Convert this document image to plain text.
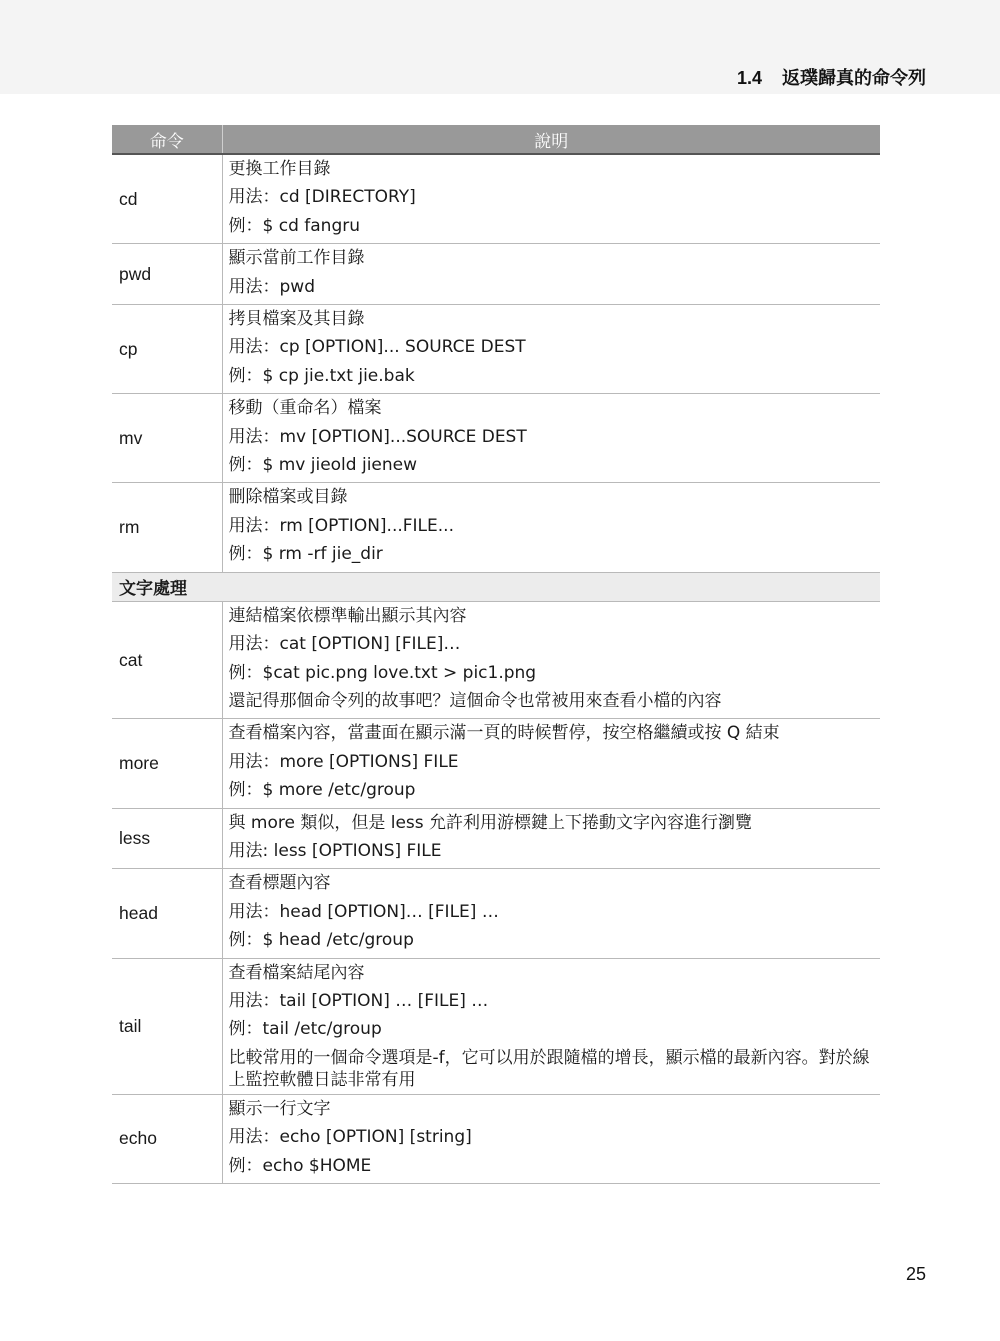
1.4 返璞歸真的命令列
命令	說明
cd	更換工作目錄
用法：cd [DIRECTORY]
例：$ cd fangru

pwd	顯示當前工作目錄
用法：pwd

cp	拷貝檔案及其目錄
用法：cp [OPTION]... SOURCE DEST
例：$ cp jie.txt jie.bak

mv	移動（重命名）檔案
用法：mv [OPTION]...SOURCE DEST
例：$ mv jieold jienew

rm	刪除檔案或目錄
用法：rm [OPTION]...FILE...
例：$ rm -rf jie_dir

文字處理	
cat	連結檔案依標準輸出顯示其內容
用法：cat [OPTION] [FILE]…
例：$cat pic.png love.txt > pic1.png
還記得那個命令列的故事吧？這個命令也常被用來查看小檔的內容

more	查看檔案內容，當畫面在顯示滿一頁的時候暫停，按空格繼續或按 Q 結束
用法：more [OPTIONS] FILE
例：$ more /etc/group

less	與 more 類似，但是 less 允許利用游標鍵上下捲動文字內容進行瀏覽
用法: less [OPTIONS] FILE

head	查看標題內容
用法：head [OPTION]… [FILE] …
例：$ head /etc/group

tail	查看檔案結尾內容
用法：tail [OPTION] … [FILE] …
例：tail /etc/group
比較常用的一個命令選項是-f，它可以用於跟隨檔的增長，顯示檔的最新內容。對於線上監控軟體日誌非常有用

echo	顯示一行文字
用法：echo [OPTION] [string]
例：echo $HOME
25
